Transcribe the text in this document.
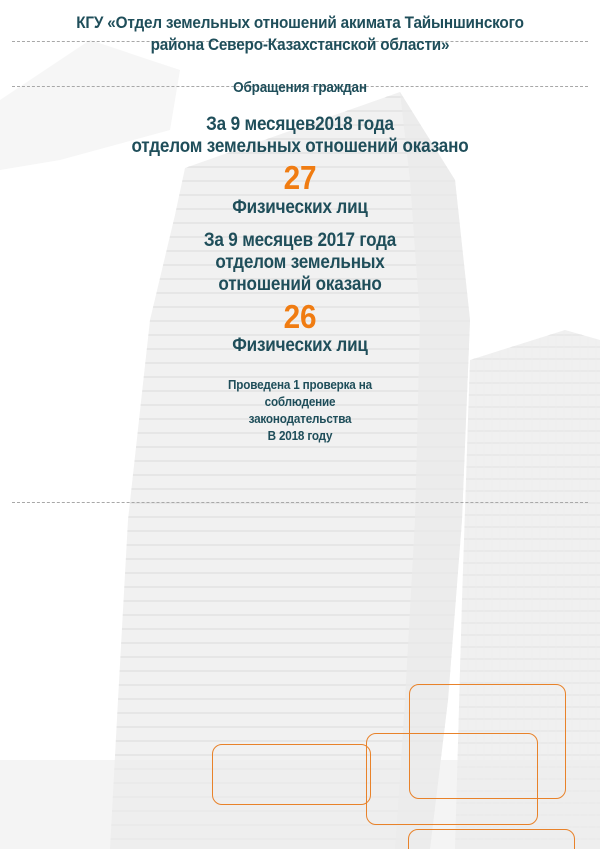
КГУ «Отдел земельных отношений акимата Тайыншинского
района Северо-Казахстанской области»
Обращения граждан
За 9 месяцев2018 года
отделом земельных отношений оказано
27
Физических лиц
За 9 месяцев 2017 года
отделом земельных
отношений оказано
26
Физических лиц
Проведена 1 проверка на
соблюдение
законодательства
В 2018 году
